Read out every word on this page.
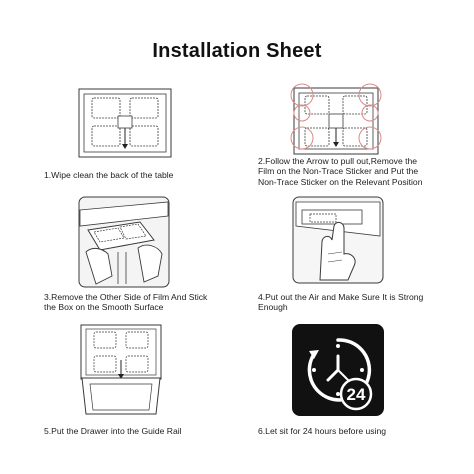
Installation Sheet
1.Wipe clean the back of the table
2.Follow the Arrow to pull out,Remove the Film on the Non-Trace Sticker and Put the Non-Trace Sticker on the Relevant Position
3.Remove the Other Side of Film And Stick the Box on the Smooth Surface
4.Put out the Air and Make Sure It is Strong Enough
5.Put the Drawer into the Guide Rail
24
6.Let sit for 24 hours before using
